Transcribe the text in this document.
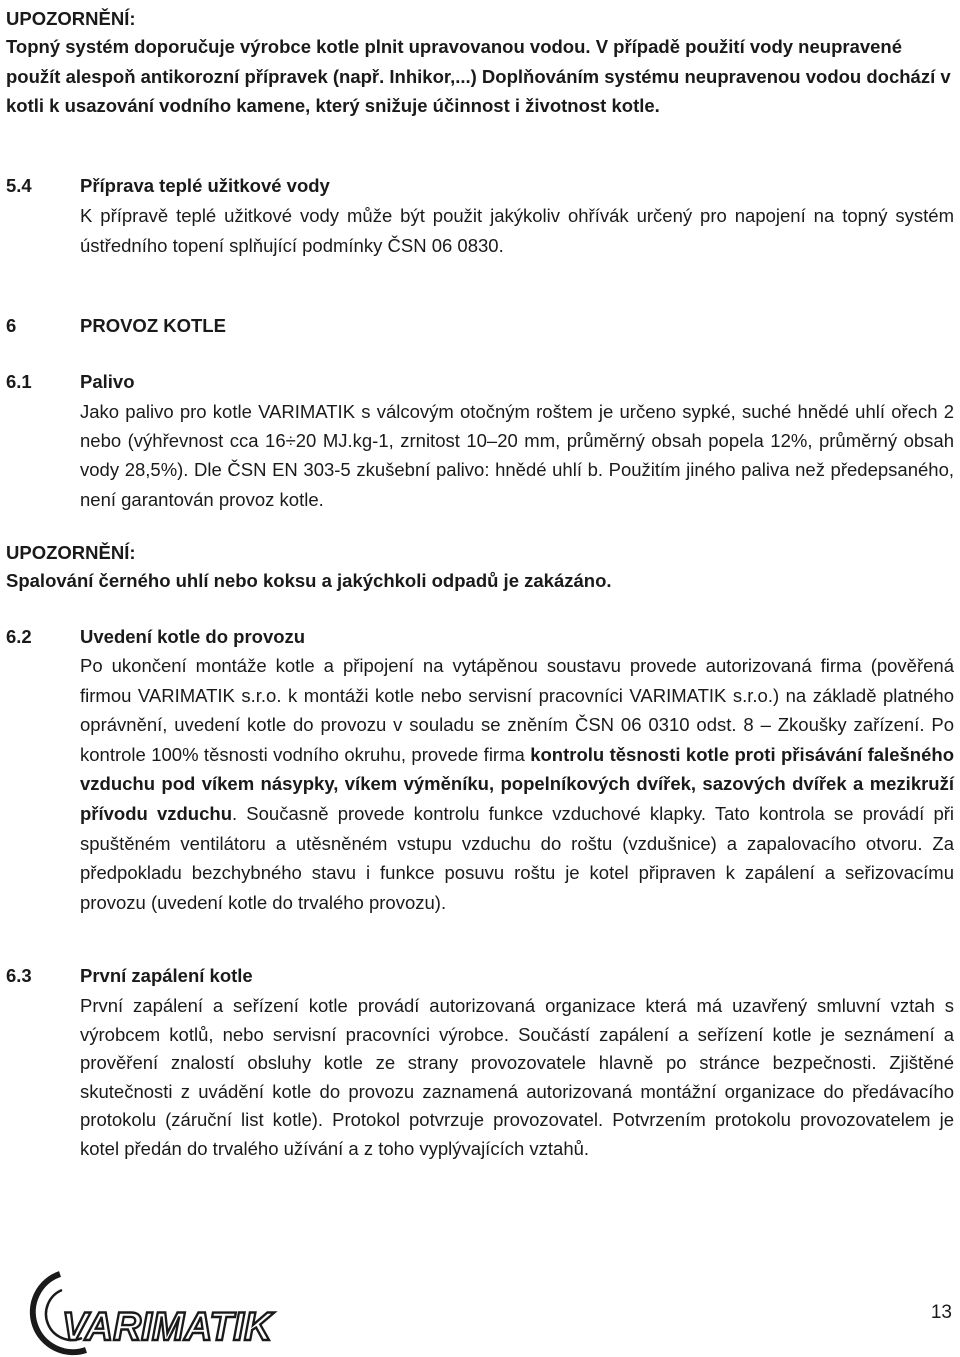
UPOZORNĚNÍ:

Topný systém doporučuje výrobce kotle plnit upravovanou vodou. V případě použití vody neupravené použít alespoň antikorozní přípravek (např. Inhikor,...) Doplňováním systému neupravenou vodou dochází v kotli k usazování vodního kamene, který snižuje účinnost i životnost kotle.

5.4	Příprava teplé užitkové vody

K přípravě teplé užitkové vody může být použit jakýkoliv ohřívák určený pro napojení na topný systém ústředního topení splňující podmínky ČSN 06 0830.

6	PROVOZ KOTLE
6.1	Palivo

Jako palivo pro kotle VARIMATIK s válcovým otočným roštem je určeno sypké, suché hnědé uhlí ořech 2 nebo (výhřevnost cca 16÷20 MJ.kg-1, zrnitost 10–20 mm, průměrný obsah popela 12%, průměrný obsah vody 28,5%). Dle ČSN EN 303-5 zkušební palivo: hnědé uhlí b. Použitím jiného paliva než předepsaného, není garantován provoz kotle.

UPOZORNĚNÍ:

Spalování černého uhlí nebo koksu a jakýchkoli odpadů je zakázáno.

6.2	Uvedení kotle do provozu

Po ukončení montáže kotle a připojení na vytápěnou soustavu provede autorizovaná firma (pověřená firmou VARIMATIK s.r.o. k montáži kotle nebo servisní pracovníci VARIMATIK s.r.o.) na základě platného oprávnění, uvedení kotle do provozu v souladu se zněním ČSN 06 0310 odst. 8 – Zkoušky zařízení. Po kontrole 100% těsnosti vodního okruhu, provede firma kontrolu těsnosti kotle proti přisávání falešného vzduchu pod víkem násypky, víkem výměníku, popelníkových dvířek, sazových dvířek a mezikruží přívodu vzduchu. Současně provede kontrolu funkce vzduchové klapky. Tato kontrola se provádí při spuštěném ventilátoru a utěsněném vstupu vzduchu do roštu (vzdušnice) a zapalovacího otvoru. Za předpokladu bezchybného stavu i funkce posuvu roštu je kotel připraven k zapálení a seřizovacímu provozu (uvedení kotle do trvalého provozu).

6.3	První zapálení kotle

První zapálení a seřízení kotle provádí autorizovaná organizace která má uzavřený smluvní vztah s výrobcem kotlů, nebo servisní pracovníci výrobce. Součástí zapálení a seřízení kotle je seznámení a prověření znalostí obsluhy kotle ze strany provozovatele hlavně po stránce bezpečnosti. Zjištěné skutečnosti z uvádění kotle do provozu zaznamená autorizovaná montážní organizace do předávacího protokolu (záruční list kotle). Protokol potvrzuje provozovatel. Potvrzením protokolu provozovatelem je kotel předán do trvalého užívání a z toho vyplývajících vztahů.

VARIMATIK	13
